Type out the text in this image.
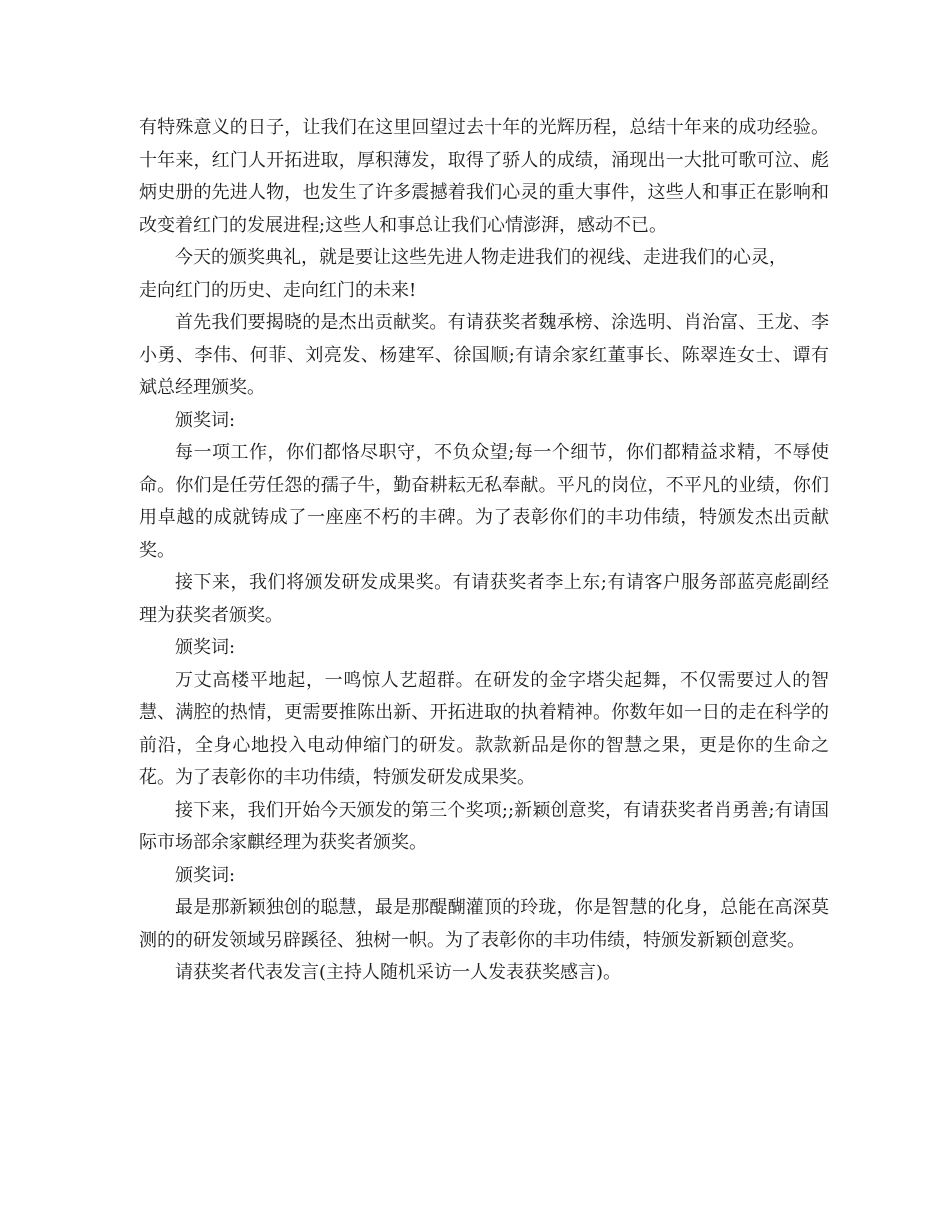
有特殊意义的日子，让我们在这里回望过去十年的光辉历程，总结十年来的成功经验。十年来，红门人开拓进取，厚积薄发，取得了骄人的成绩，涌现出一大批可歌可泣、彪炳史册的先进人物，也发生了许多震撼着我们心灵的重大事件，这些人和事正在影响和改变着红门的发展进程;这些人和事总让我们心情澎湃，感动不已。

今天的颁奖典礼，就是要让这些先进人物走进我们的视线、走进我们的心灵，

走向红门的历史、走向红门的未来!

首先我们要揭晓的是杰出贡献奖。有请获奖者魏承榜、涂选明、肖治富、王龙、李小勇、李伟、何菲、刘亮发、杨建军、徐国顺;有请余家红董事长、陈翠连女士、谭有斌总经理颁奖。

颁奖词:

每一项工作，你们都恪尽职守，不负众望;每一个细节，你们都精益求精，不辱使命。你们是任劳任怨的孺子牛，勤奋耕耘无私奉献。平凡的岗位，不平凡的业绩，你们用卓越的成就铸成了一座座不朽的丰碑。为了表彰你们的丰功伟绩，特颁发杰出贡献奖。

接下来，我们将颁发研发成果奖。有请获奖者李上东;有请客户服务部蓝亮彪副经理为获奖者颁奖。

颁奖词:

万丈高楼平地起，一鸣惊人艺超群。在研发的金字塔尖起舞，不仅需要过人的智慧、满腔的热情，更需要推陈出新、开拓进取的执着精神。你数年如一日的走在科学的前沿，全身心地投入电动伸缩门的研发。款款新品是你的智慧之果，更是你的生命之花。为了表彰你的丰功伟绩，特颁发研发成果奖。

接下来，我们开始今天颁发的第三个奖项;;新颖创意奖，有请获奖者肖勇善;有请国际市场部余家麒经理为获奖者颁奖。

颁奖词:

最是那新颖独创的聪慧，最是那醍醐灌顶的玲珑，你是智慧的化身，总能在高深莫测的的研发领域另辟蹊径、独树一帜。为了表彰你的丰功伟绩，特颁发新颖创意奖。

请获奖者代表发言(主持人随机采访一人发表获奖感言)。
